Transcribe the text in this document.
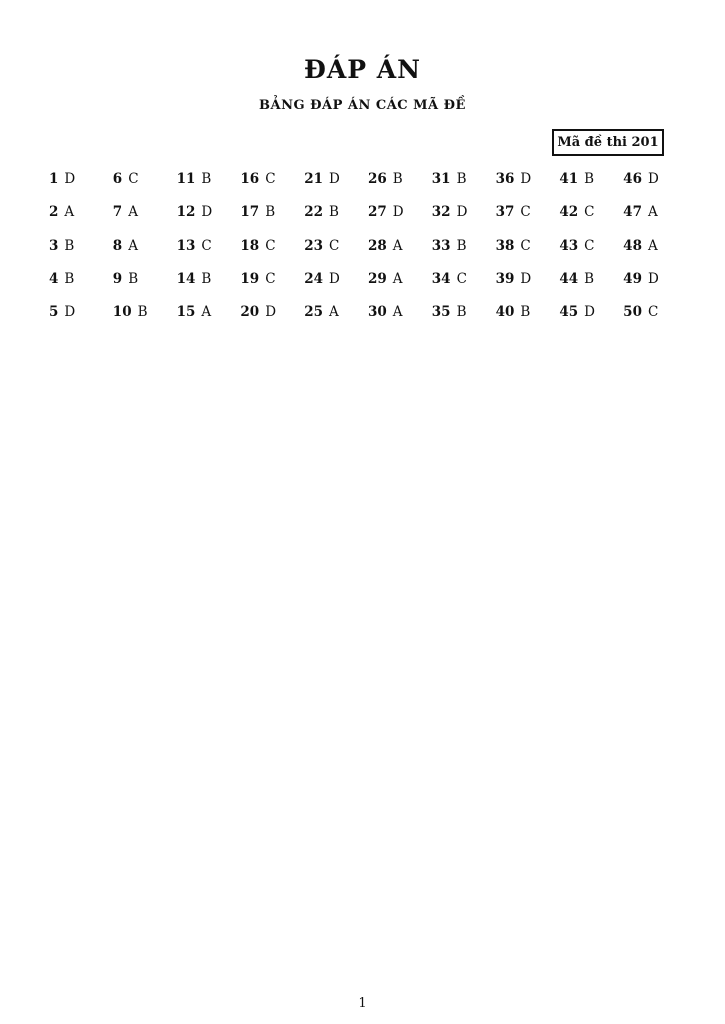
ĐÁP ÁN
BẢNG ĐÁP ÁN CÁC MÃ ĐỀ
Mã đề thi 201
1 D	6 C	11 B	16 C	21 D	26 B	31 B	36 D	41 B	46 D
2 A	7 A	12 D	17 B	22 B	27 D	32 D	37 C	42 C	47 A
3 B	8 A	13 C	18 C	23 C	28 A	33 B	38 C	43 C	48 A
4 B	9 B	14 B	19 C	24 D	29 A	34 C	39 D	44 B	49 D
5 D	10 B	15 A	20 D	25 A	30 A	35 B	40 B	45 D	50 C
1
